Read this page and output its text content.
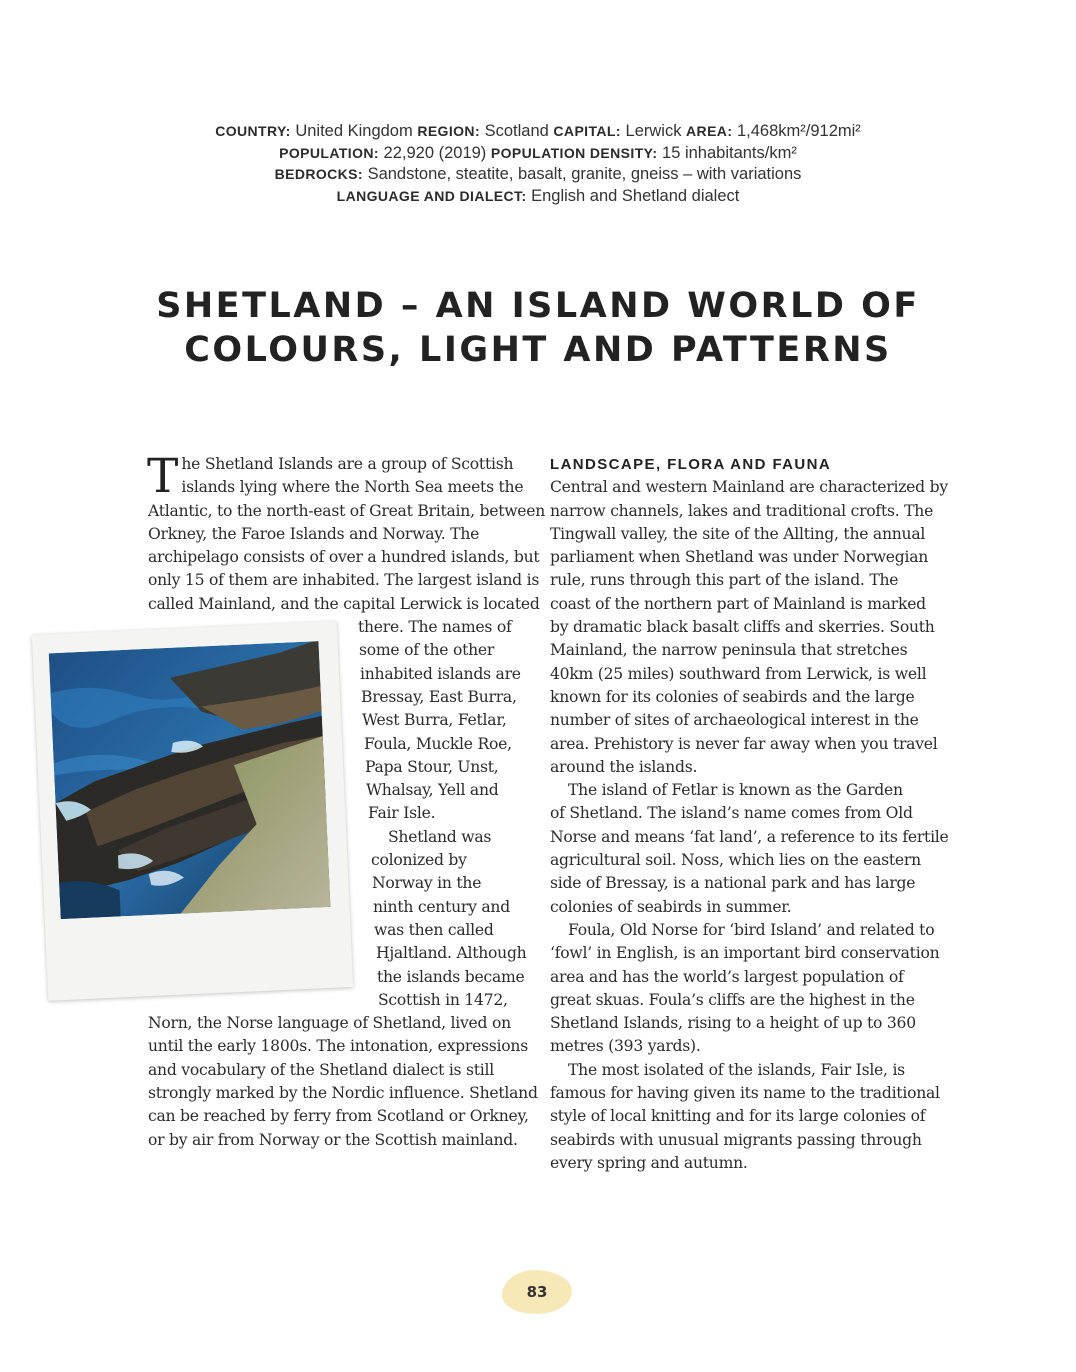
COUNTRY: United Kingdom REGION: Scotland CAPITAL: Lerwick AREA: 1,468km²/912mi²
POPULATION: 22,920 (2019) POPULATION DENSITY: 15 inhabitants/km²
BEDROCKS: Sandstone, steatite, basalt, granite, gneiss – with variations
LANGUAGE AND DIALECT: English and Shetland dialect
SHETLAND – AN ISLAND WORLD OF
COLOURS, LIGHT AND PATTERNS
T he Shetland Islands are a group of Scottish
islands lying where the North Sea meets the
Atlantic, to the north-east of Great Britain, between
Orkney, the Faroe Islands and Norway. The
archipelago consists of over a hundred islands, but
only 15 of them are inhabited. The largest island is
called Mainland, and the capital Lerwick is located
there. The names of
some of the other
inhabited islands are
Bressay, East Burra,
West Burra, Fetlar,
Foula, Muckle Roe,
Papa Stour, Unst,
Whalsay, Yell and
Fair Isle.
Shetland was
colonized by
Norway in the
ninth century and
was then called
Hjaltland. Although
the islands became
Scottish in 1472,
Norn, the Norse language of Shetland, lived on
until the early 1800s. The intonation, expressions
and vocabulary of the Shetland dialect is still
strongly marked by the Nordic influence. Shetland
can be reached by ferry from Scotland or Orkney,
or by air from Norway or the Scottish mainland.
LANDSCAPE, FLORA AND FAUNA
Central and western Mainland are characterized by
narrow channels, lakes and traditional crofts. The
Tingwall valley, the site of the Allting, the annual
parliament when Shetland was under Norwegian
rule, runs through this part of the island. The
coast of the northern part of Mainland is marked
by dramatic black basalt cliffs and skerries. South
Mainland, the narrow peninsula that stretches
40km (25 miles) southward from Lerwick, is well
known for its colonies of seabirds and the large
number of sites of archaeological interest in the
area. Prehistory is never far away when you travel
around the islands.
The island of Fetlar is known as the Garden
of Shetland. The island’s name comes from Old
Norse and means ‘fat land’, a reference to its fertile
agricultural soil. Noss, which lies on the eastern
side of Bressay, is a national park and has large
colonies of seabirds in summer.
Foula, Old Norse for ‘bird Island’ and related to
‘fowl’ in English, is an important bird conservation
area and has the world’s largest population of
great skuas. Foula’s cliffs are the highest in the
Shetland Islands, rising to a height of up to 360
metres (393 yards).
The most isolated of the islands, Fair Isle, is
famous for having given its name to the traditional
style of local knitting and for its large colonies of
seabirds with unusual migrants passing through
every spring and autumn.
83
